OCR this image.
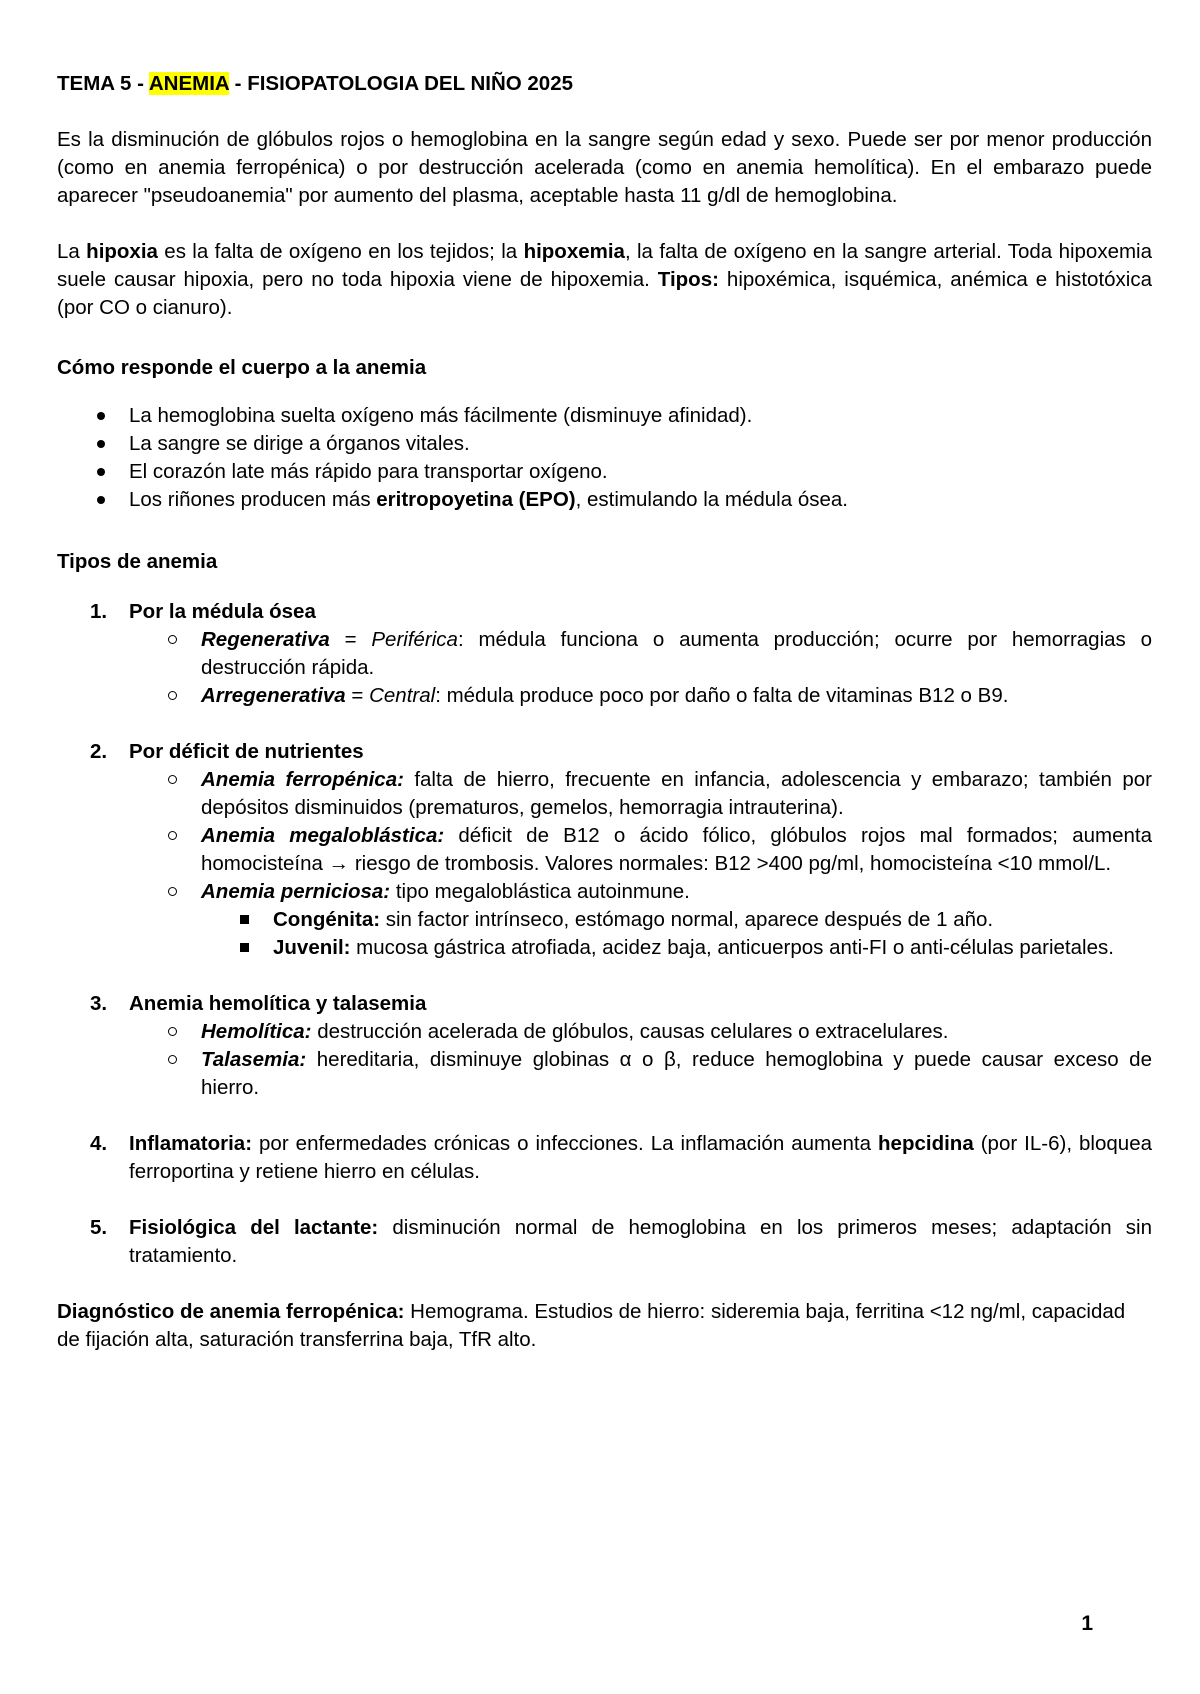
TEMA 5 - ANEMIA - FISIOPATOLOGIA DEL NIÑO 2025

Es la disminución de glóbulos rojos o hemoglobina en la sangre según edad y sexo. Puede ser por menor producción (como en anemia ferropénica) o por destrucción acelerada (como en anemia hemolítica). En el embarazo puede aparecer "pseudoanemia" por aumento del plasma, aceptable hasta 11 g/dl de hemoglobina.

La hipoxia es la falta de oxígeno en los tejidos; la hipoxemia, la falta de oxígeno en la sangre arterial. Toda hipoxemia suele causar hipoxia, pero no toda hipoxia viene de hipoxemia. Tipos: hipoxémica, isquémica, anémica e histotóxica (por CO o cianuro).

Cómo responde el cuerpo a la anemia
La hemoglobina suelta oxígeno más fácilmente (disminuye afinidad).
La sangre se dirige a órganos vitales.
El corazón late más rápido para transportar oxígeno.
Los riñones producen más eritropoyetina (EPO), estimulando la médula ósea.
Tipos de anemia
1. Por la médula ósea
Regenerativa = Periférica: médula funciona o aumenta producción; ocurre por hemorragias o destrucción rápida.
Arregenerativa = Central: médula produce poco por daño o falta de vitaminas B12 o B9.
2. Por déficit de nutrientes
Anemia ferropénica: falta de hierro, frecuente en infancia, adolescencia y embarazo; también por depósitos disminuidos (prematuros, gemelos, hemorragia intrauterina).
Anemia megaloblástica: déficit de B12 o ácido fólico, glóbulos rojos mal formados; aumenta homocisteína → riesgo de trombosis. Valores normales: B12 >400 pg/ml, homocisteína <10 mmol/L.
Anemia perniciosa: tipo megaloblástica autoinmune.
Congénita: sin factor intrínseco, estómago normal, aparece después de 1 año.
Juvenil: mucosa gástrica atrofiada, acidez baja, anticuerpos anti-FI o anti-células parietales.
3. Anemia hemolítica y talasemia
Hemolítica: destrucción acelerada de glóbulos, causas celulares o extracelulares.
Talasemia: hereditaria, disminuye globinas α o β, reduce hemoglobina y puede causar exceso de hierro.
4. Inflamatoria: por enfermedades crónicas o infecciones. La inflamación aumenta hepcidina (por IL-6), bloquea ferroportina y retiene hierro en células.
5. Fisiológica del lactante: disminución normal de hemoglobina en los primeros meses; adaptación sin tratamiento.

Diagnóstico de anemia ferropénica: Hemograma. Estudios de hierro: sideremia baja, ferritina <12 ng/ml, capacidad de fijación alta, saturación transferrina baja, TfR alto.

1
